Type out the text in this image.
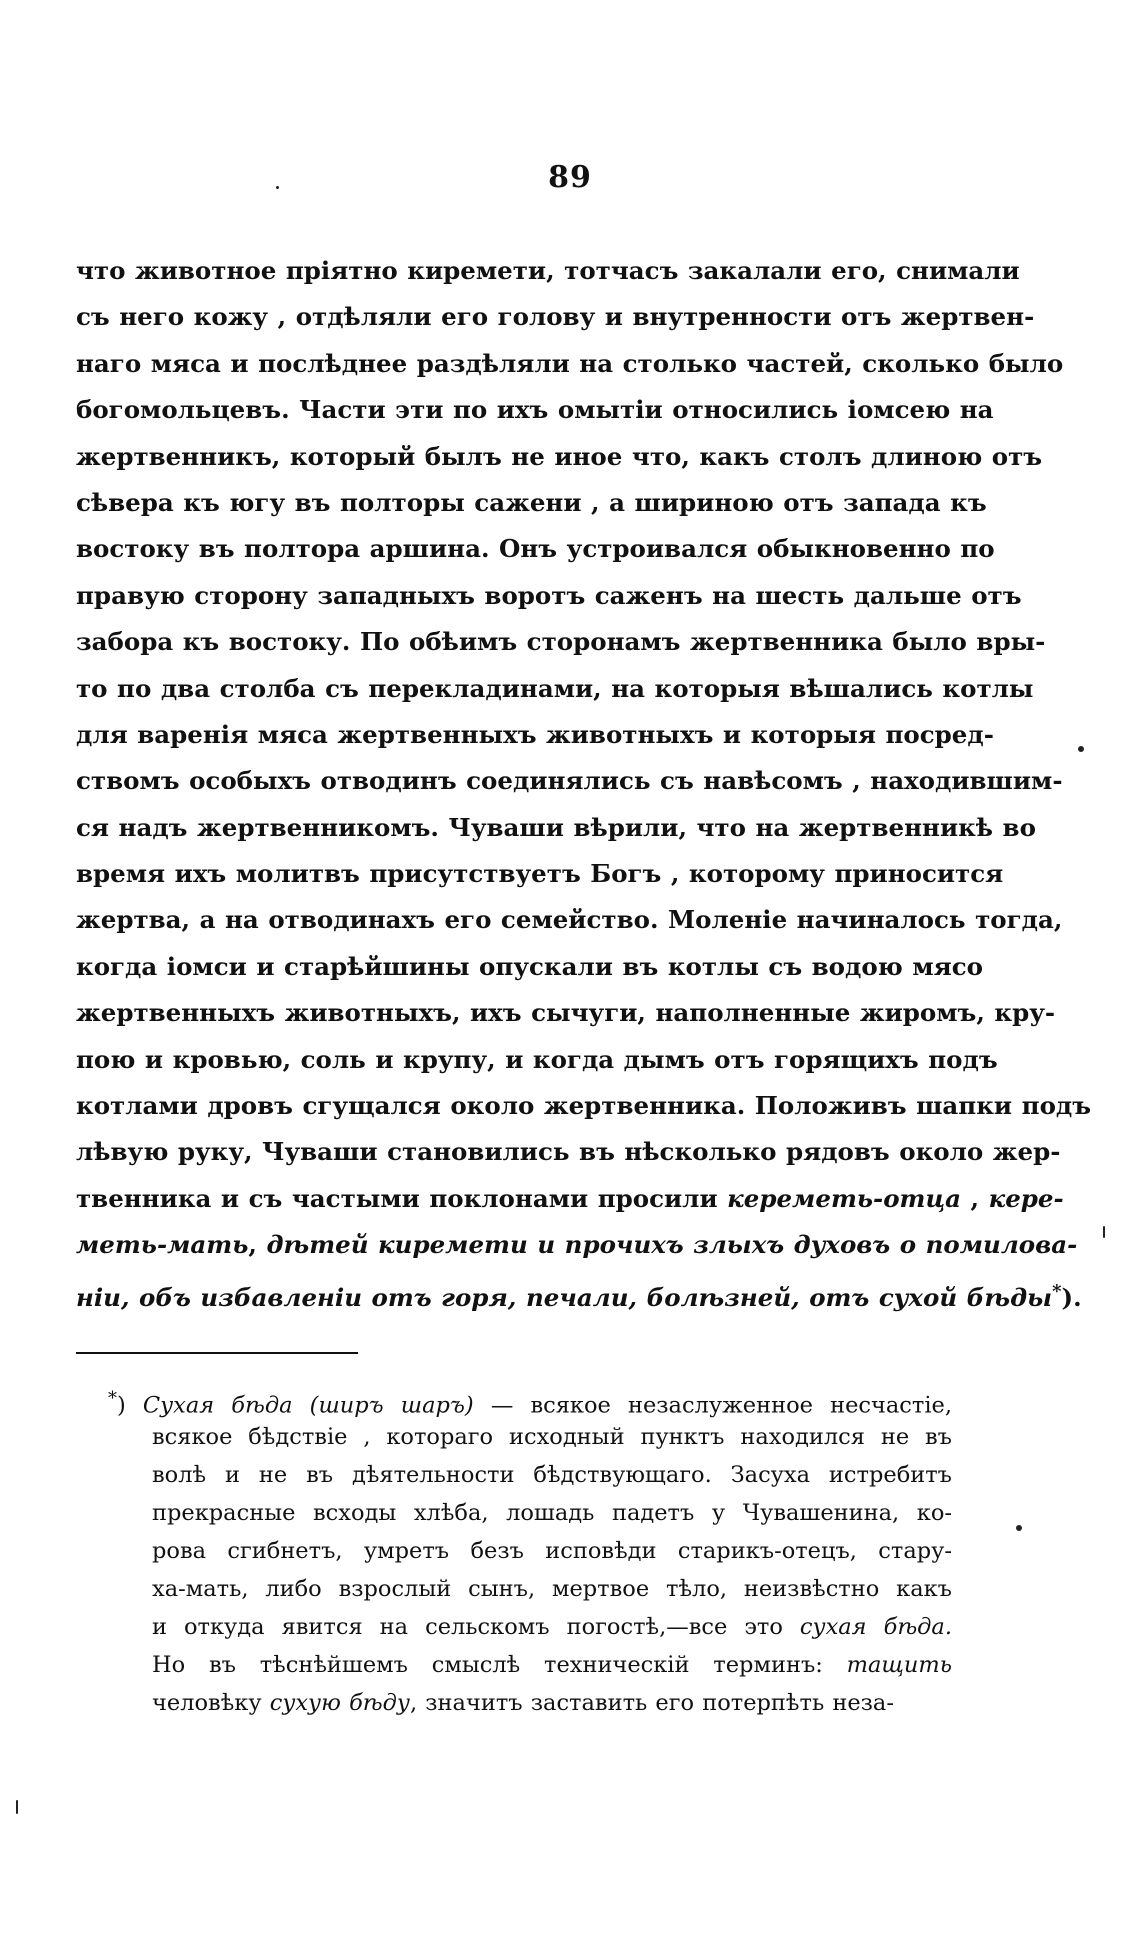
89
что животное пріятно киремети, тотчасъ закалали его, снимали
съ него кожу , отдѣляли его голову и внутренности отъ жертвен-
наго мяса и послѣднее раздѣляли на столько частей, сколько было
богомольцевъ. Части эти по ихъ омытіи относились іомсею на
жертвенникъ, который былъ не иное что, какъ столъ длиною отъ
сѣвера къ югу въ полторы сажени , а шириною отъ запада къ
востоку въ полтора аршина. Онъ устроивался обыкновенно по
правую сторону западныхъ воротъ саженъ на шесть дальше отъ
забора къ востоку. По обѣимъ сторонамъ жертвенника было вры-
то по два столба съ перекладинами, на которыя вѣшались котлы
для варенія мяса жертвенныхъ животныхъ и которыя посред-
ствомъ особыхъ отводинъ соединялись съ навѣсомъ , находившим-
ся надъ жертвенникомъ. Чуваши вѣрили, что на жертвенникѣ во
время ихъ молитвъ присутствуетъ Богъ , которому приносится
жертва, а на отводинахъ его семейство. Моленіе начиналось тогда,
когда іомси и старѣйшины опускали въ котлы съ водою мясо
жертвенныхъ животныхъ, ихъ сычуги, наполненные жиромъ, кру-
пою и кровью, соль и крупу, и когда дымъ отъ горящихъ подъ
котлами дровъ сгущался около жертвенника. Положивъ шапки подъ
лѣвую руку, Чуваши становились въ нѣсколько рядовъ около жер-
твенника и съ частыми поклонами просили кереметь-отца , кере-
меть-мать, дѣтей киремети и прочихъ злыхъ духовъ о помилова-
ніи, объ избавленіи отъ горя, печали, болѣзней, отъ сухой бѣды*).
*) Сухая бѣда (ширъ шаръ) — всякое незаслуженное несчастіе,
всякое бѣдствіе , котораго исходный пунктъ находился не въ
волѣ и не въ дѣятельности бѣдствующаго. Засуха истребитъ
прекрасные всходы хлѣба, лошадь падетъ у Чувашенина, ко-
рова сгибнетъ, умретъ безъ исповѣди старикъ-отецъ, стару-
ха-мать, либо взрослый сынъ, мертвое тѣло, неизвѣстно какъ
и откуда явится на сельскомъ погостѣ,—все это сухая бѣда.
Но въ тѣснѣйшемъ смыслѣ техническій терминъ: тащить
человѣку сухую бѣду, значитъ заставить его потерпѣть неза-
